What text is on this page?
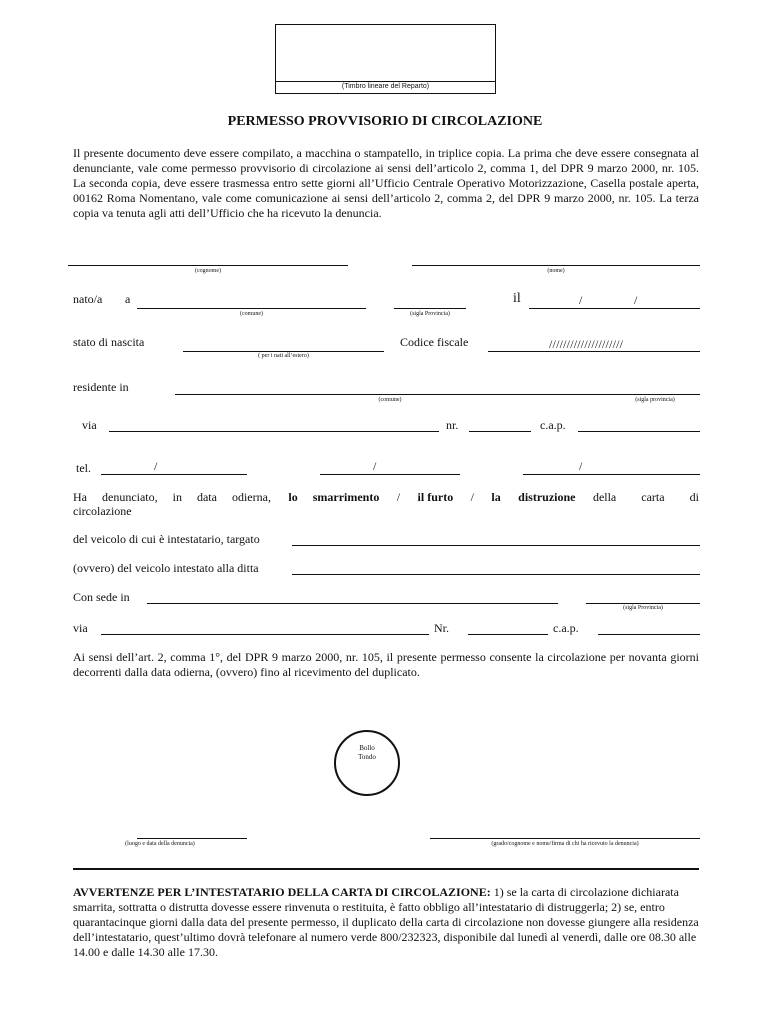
(Timbro lineare del Reparto)
PERMESSO PROVVISORIO DI CIRCOLAZIONE
Il presente documento deve essere compilato, a macchina o stampatello, in triplice copia. La prima che deve essere consegnata al denunciante, vale come permesso provvisorio di circolazione ai sensi dell’articolo 2, comma 1, del DPR 9 marzo 2000, nr. 105. La seconda copia, deve essere trasmessa entro sette giorni all’Ufficio Centrale Operativo Motorizzazione, Casella postale aperta, 00162 Roma Nomentano, vale come comunicazione ai sensi dell’articolo 2, comma 2, del DPR 9 marzo 2000, nr. 105. La terza copia va tenuta agli atti dell’Ufficio che ha ricevuto la denuncia.
(cognome)	(nome)
nato/a a
(comune)	(sigla Provincia)
il	/	/
stato di nascita
( per i nati all’estero)
Codice fiscale	/////////////////////
residente in
(comune)	(sigla provincia)
via	nr.	c.a.p.
tel.	/	/	/
Ha denunciato, in data odierna, lo smarrimento / il furto / la distruzione della carta di
circolazione
del veicolo di cui è intestatario, targato
(ovvero) del veicolo intestato alla ditta
Con sede in
(sigla Provincia)
via	Nr.	c.a.p.
Ai sensi dell’art. 2, comma 1°, del DPR 9 marzo 2000, nr. 105, il presente permesso consente la circolazione per novanta giorni decorrenti dalla data odierna, (ovvero) fino al ricevimento del duplicato.
Bollo
Tondo
(luogo e data della denuncia)	(grado/cognome e nome/firma di chi ha ricevuto la denuncia)
AVVERTENZE PER L’INTESTATARIO DELLA CARTA DI CIRCOLAZIONE: 1) se la carta di circolazione dichiarata smarrita, sottratta o distrutta dovesse essere rinvenuta o restituita, è fatto obbligo all’intestatario di distruggerla; 2) se, entro quarantacinque giorni dalla data del presente permesso, il duplicato della carta di circolazione non dovesse giungere alla residenza dell’intestatario, quest’ultimo dovrà telefonare al numero verde 800/232323, disponibile dal lunedì al venerdì, dalle ore 08.30 alle 14.00 e dalle 14.30 alle 17.30.
